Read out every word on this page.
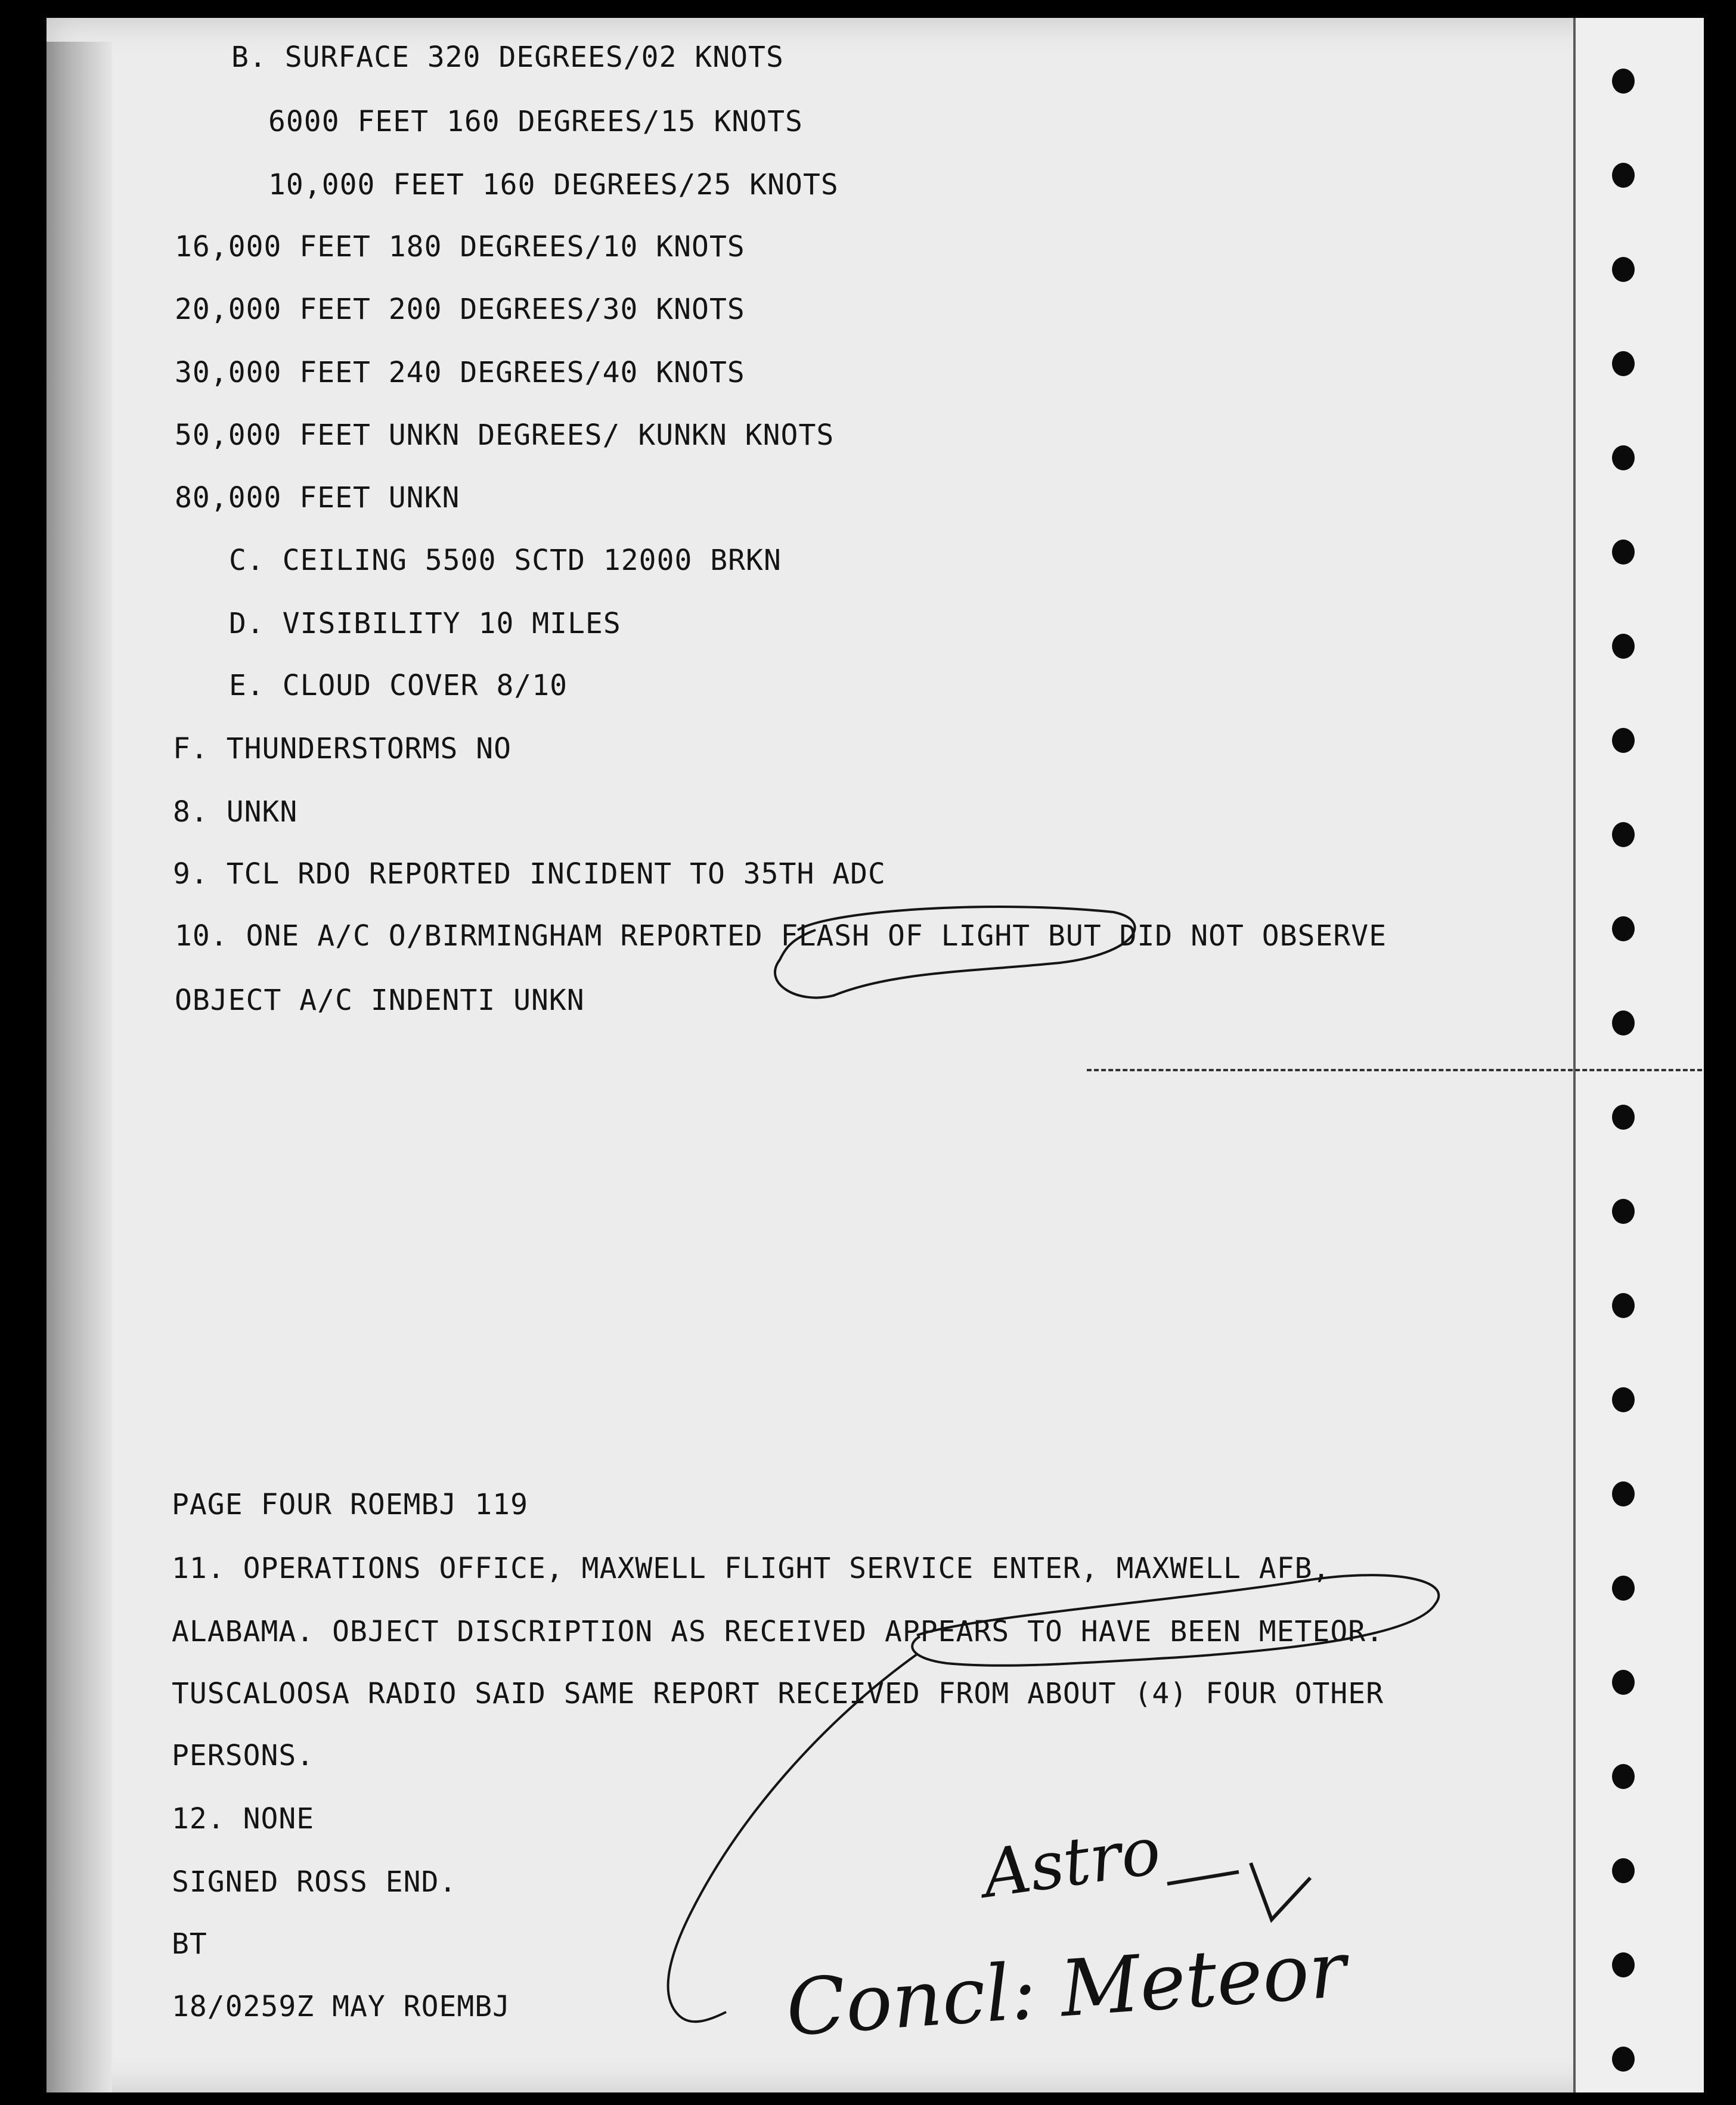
B. SURFACE 320 DEGREES/02 KNOTS
6000 FEET 160 DEGREES/15 KNOTS
10,000 FEET 160 DEGREES/25 KNOTS
16,000 FEET 180 DEGREES/10 KNOTS
20,000 FEET 200 DEGREES/30 KNOTS
30,000 FEET 240 DEGREES/40 KNOTS
50,000 FEET UNKN DEGREES/ KUNKN KNOTS
80,000 FEET UNKN
C. CEILING 5500 SCTD 12000 BRKN
D. VISIBILITY 10 MILES
E. CLOUD COVER 8/10
F. THUNDERSTORMS NO
8. UNKN
9. TCL RDO REPORTED INCIDENT TO 35TH ADC
10. ONE A/C O/BIRMINGHAM REPORTED FLASH OF LIGHT BUT DID NOT OBSERVE
OBJECT A/C INDENTI UNKN
PAGE FOUR ROEMBJ 119
11. OPERATIONS OFFICE, MAXWELL FLIGHT SERVICE ENTER, MAXWELL AFB,
ALABAMA. OBJECT DISCRIPTION AS RECEIVED APPEARS TO HAVE BEEN METEOR.
TUSCALOOSA RADIO SAID SAME REPORT RECEIVED FROM ABOUT (4) FOUR OTHER
PERSONS.
12. NONE
SIGNED ROSS END.
BT
18/0259Z MAY ROEMBJ
Astro
Concl: Meteor
